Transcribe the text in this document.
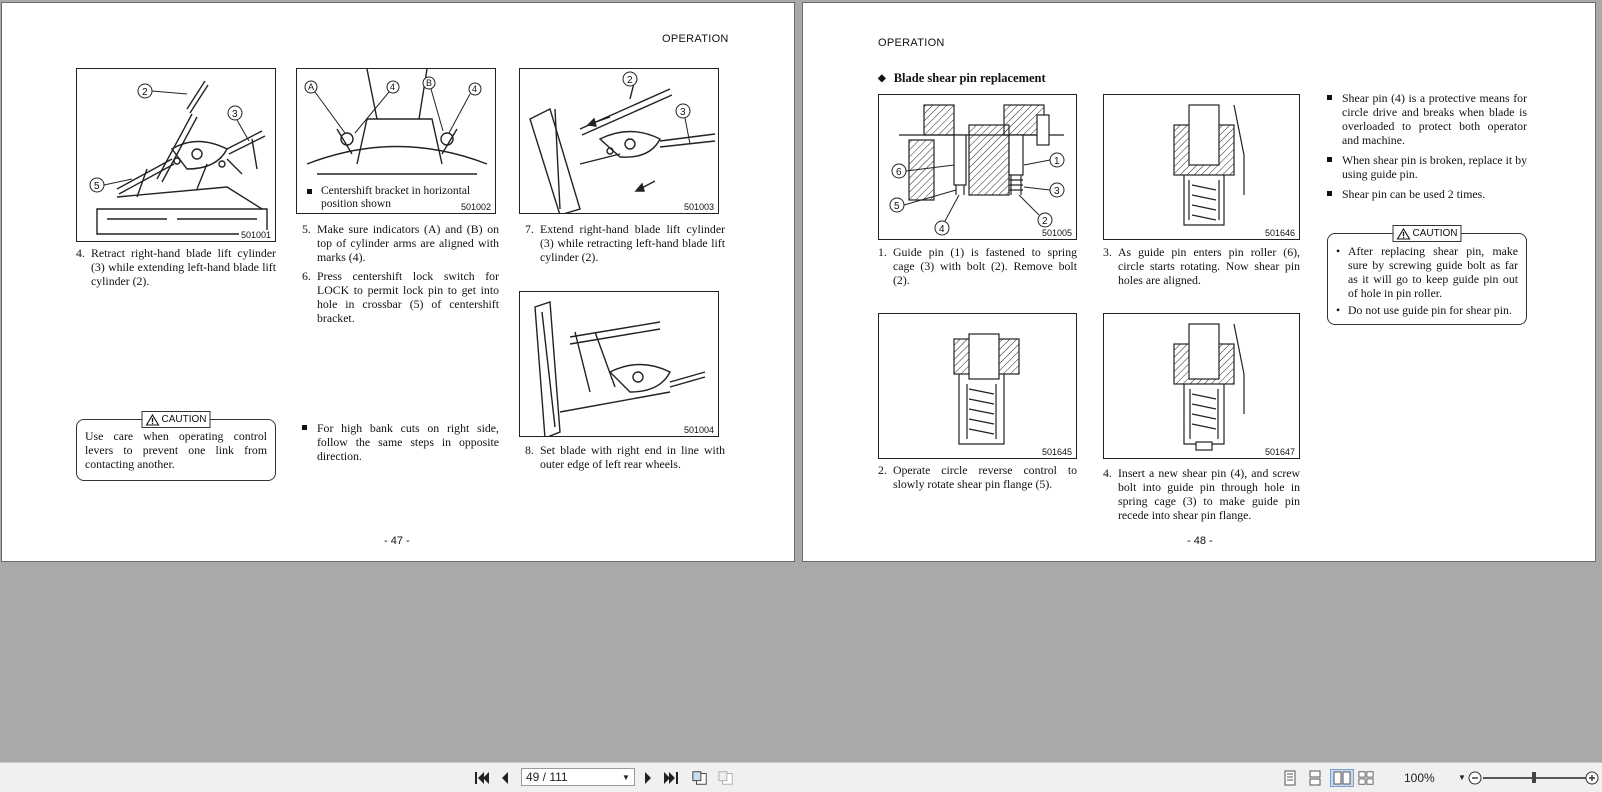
OPERATION
2
3
5
501001
A	4	B
4
Centershift bracket in horizontal position shown	501002
2
3
501003
501004
4. Retract right-hand blade lift cylinder (3) while extending left-hand blade lift cylinder (2).
5. Make sure indicators (A) and (B) on top of cylinder arms are aligned with marks (4).
6. Press centershift lock switch for LOCK to permit lock pin to get into hole in crossbar (5) of centershift bracket.
7. Extend right-hand blade lift cylinder (3) while retracting left-hand blade lift cylinder (2).
8. Set blade with right end in line with outer edge of left rear wheels.
For high bank cuts on right side, follow the same steps in opposite direction.
CAUTION
Use care when operating control levers to prevent one link from contacting another.
- 47 -
OPERATION
◆ Blade shear pin replacement
6
5
4
1
3
2
501005	501646
501645	501647
1. Guide pin (1) is fastened to spring cage (3) with bolt (2). Remove bolt (2).
3. As guide pin enters pin roller (6), circle starts rotating. Now shear pin holes are aligned.
2. Operate circle reverse control to slowly rotate shear pin flange (5).
4. Insert a new shear pin (4), and screw bolt into guide pin through hole in spring cage (3) to make guide pin recede into shear pin flange.
Shear pin (4) is a protective means for circle drive and breaks when blade is overloaded to protect both operator and machine.
When shear pin is broken, replace it by using guide pin.
Shear pin can be used 2 times.
CAUTION
• After replacing shear pin, make sure by screwing guide bolt as far as it will go to keep guide pin out of hole in pin roller.
• Do not use guide pin for shear pin.
- 48 -
49 / 111	▼	100%	▼
